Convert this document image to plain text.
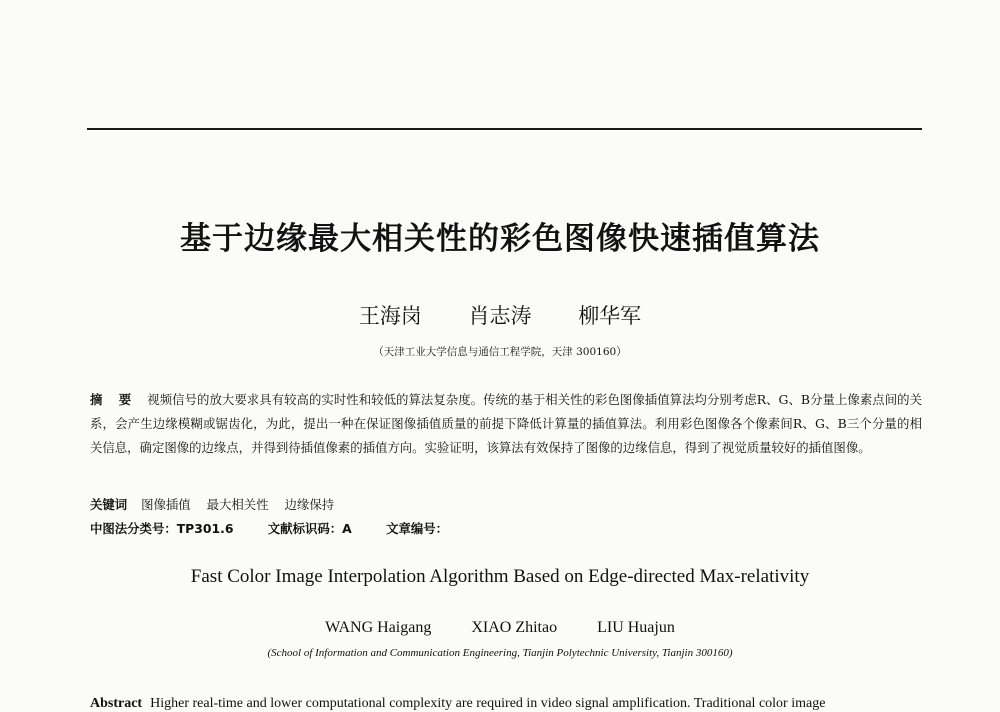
基于边缘最大相关性的彩色图像快速插值算法
王海岗 肖志涛 柳华军
（天津工业大学信息与通信工程学院，天津 300160）
摘 要 视频信号的放大要求具有较高的实时性和较低的算法复杂度。传统的基于相关性的彩色图像插值算法均分别考虑R、G、B分量上像素点间的关系，会产生边缘模糊或锯齿化，为此，提出一种在保证图像插值质量的前提下降低计算量的插值算法。利用彩色图像各个像素间R、G、B三个分量的相关信息，确定图像的边缘点，并得到待插值像素的插值方向。实验证明，该算法有效保持了图像的边缘信息，得到了视觉质量较好的插值图像。
关键词 图像插值 最大相关性 边缘保持
中图法分类号：TP301.6	文献标识码：A	文章编号：
Fast Color Image Interpolation Algorithm Based on Edge-directed Max-relativity
WANG Haigang	XIAO Zhitao	LIU Huajun
(School of Information and Communication Engineering, Tianjin Polytechnic University, Tianjin 300160)
Abstract Higher real-time and lower computational complexity are required in video signal amplification. Traditional color image
